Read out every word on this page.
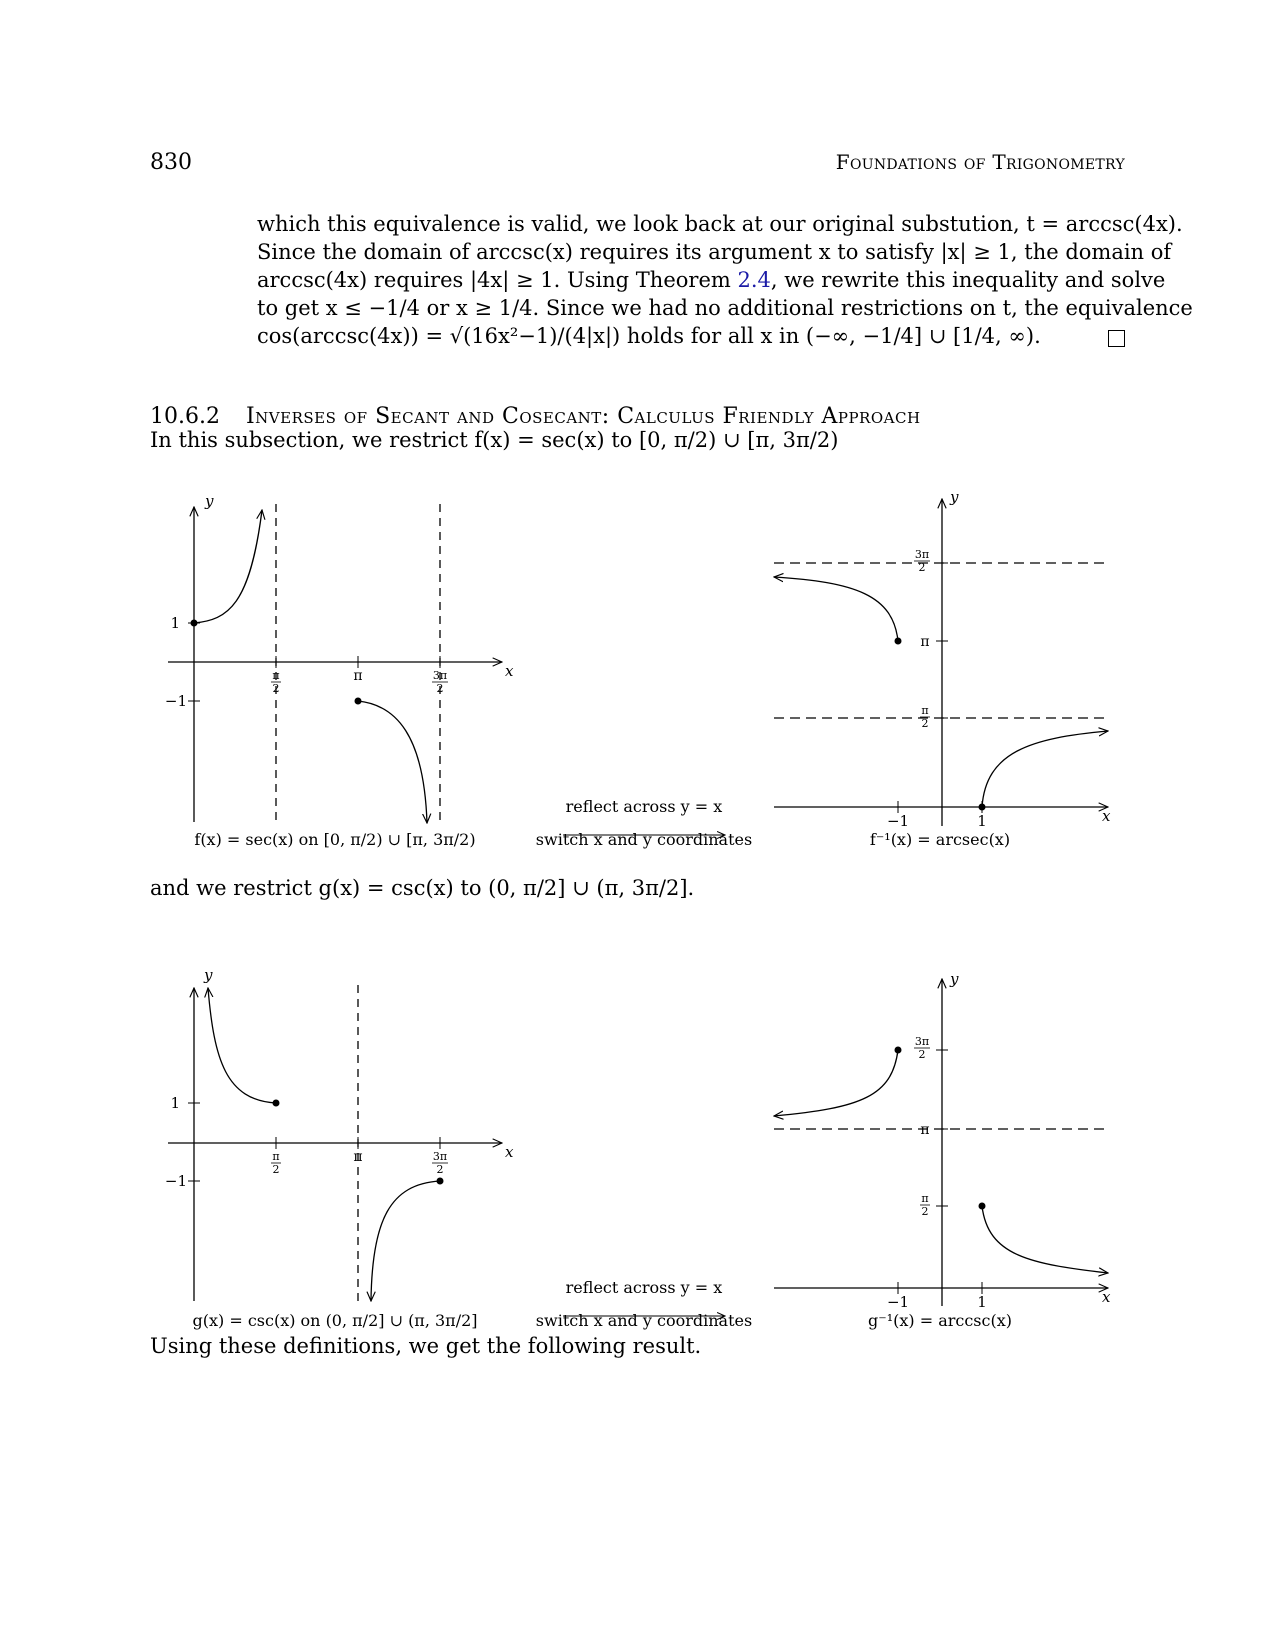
830	Foundations of Trigonometry
which this equivalence is valid, we look back at our original substution, t = arccsc(4x).
Since the domain of arccsc(x) requires its argument x to satisfy |x| ≥ 1, the domain of
arccsc(4x) requires |4x| ≥ 1. Using Theorem 2.4, we rewrite this inequality and solve
to get x ≤ −1/4 or x ≥ 1/4. Since we had no additional restrictions on t, the equivalence
cos(arccsc(4x)) = √(16x²−1)/(4|x|) holds for all x in (−∞, −1/4] ∪ [1/4, ∞).
10.6.2 Inverses of Secant and Cosecant: Calculus Friendly Approach
In this subsection, we restrict f(x) = sec(x) to [0, π/2) ∪ [π, 3π/2)
y
x
1
−1
π
π
2
3π
2
y
x
−1	1
π
3π
2
π
2
f(x) = sec(x) on [0, π/2) ∪ [π, 3π/2)
reflect across y = x
switch x and y coordinates	f⁻¹(x) = arcsec(x)
and we restrict g(x) = csc(x) to (0, π/2] ∪ (π, 3π/2].
y
x
1
−1
π
π
2
3π
2
y
x
−1	1
π
3π
2
π
2
g(x) = csc(x) on (0, π/2] ∪ (π, 3π/2]
reflect across y = x
switch x and y coordinates	g⁻¹(x) = arccsc(x)
Using these definitions, we get the following result.
